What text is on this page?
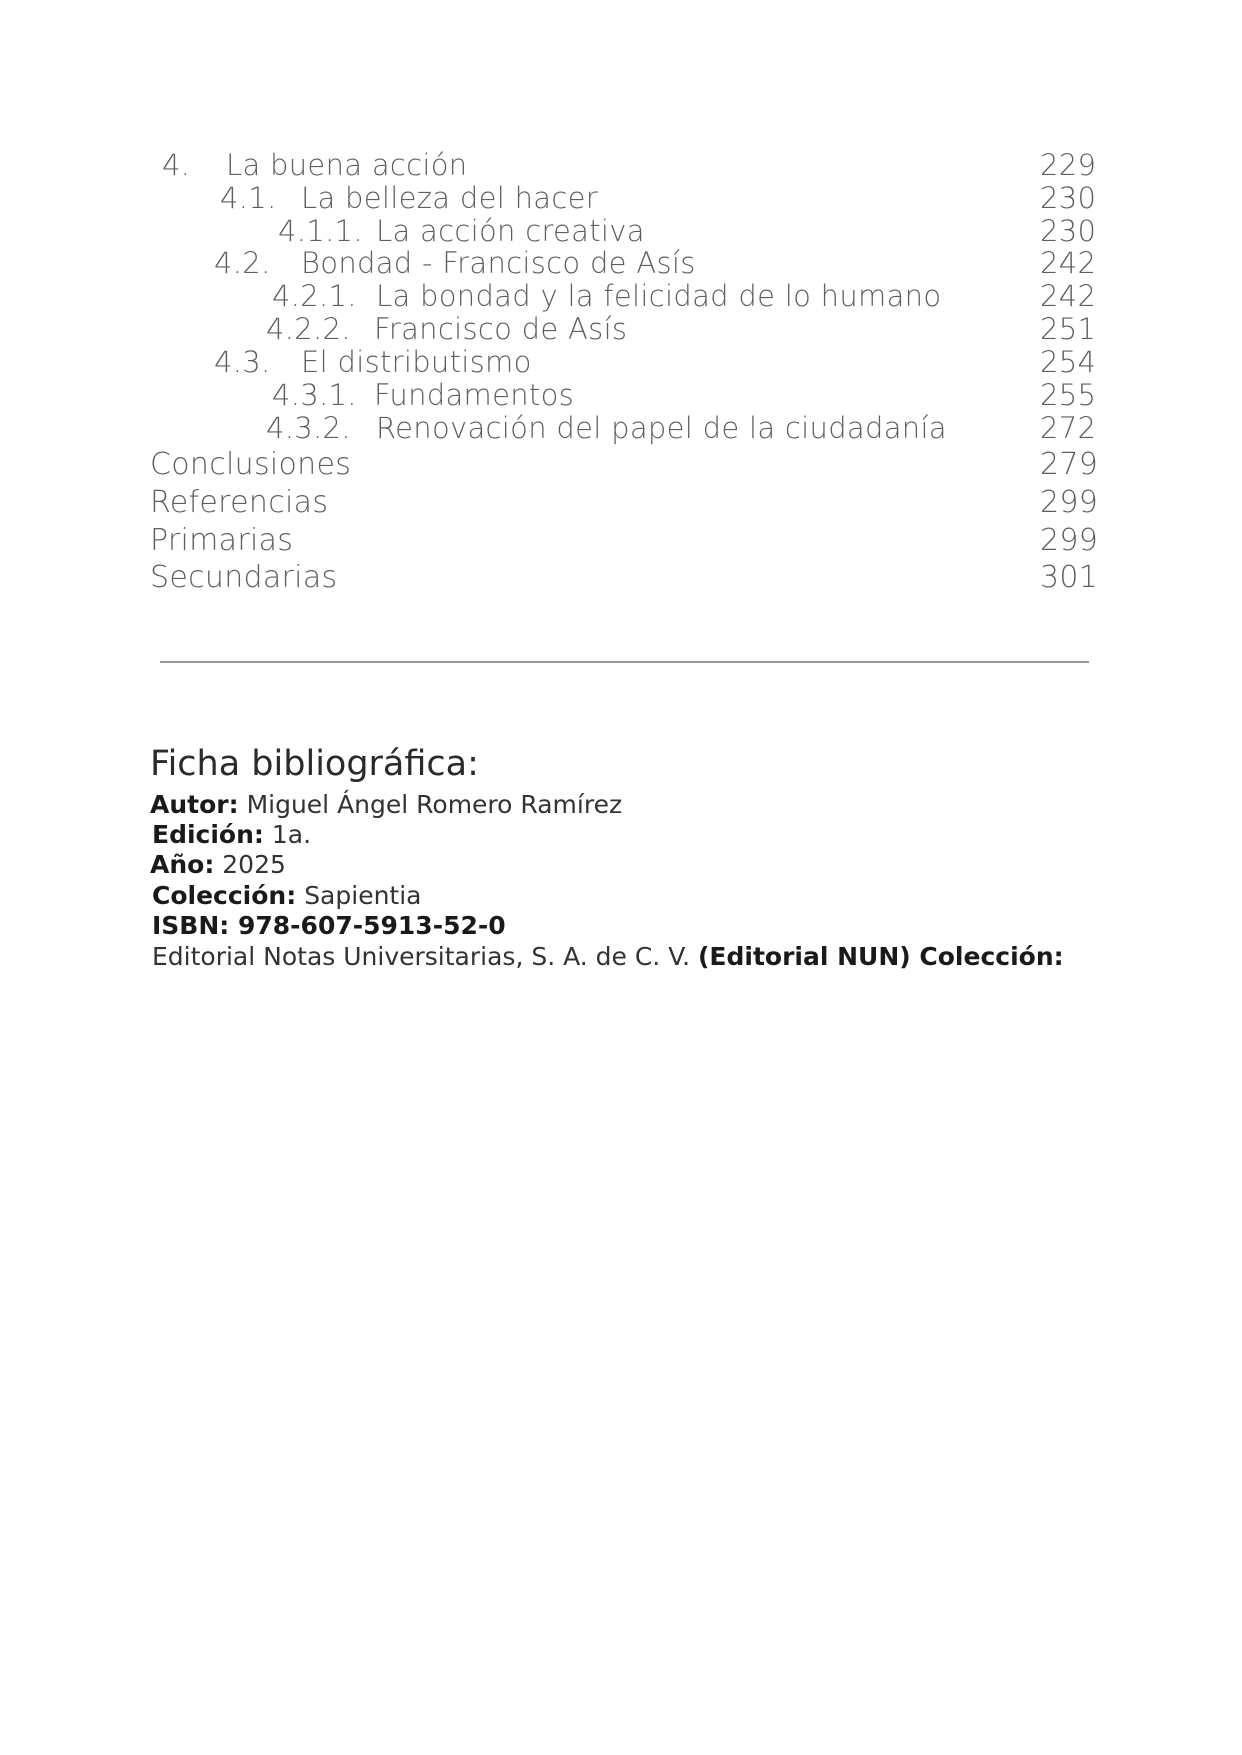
4. La buena acción	229
4.1. La belleza del hacer	230
4.1.1. La acción creativa	230
4.2. Bondad - Francisco de Asís	242
4.2.1. La bondad y la felicidad de lo humano	242
4.2.2. Francisco de Asís	251
4.3. El distributismo	254
4.3.1. Fundamentos	255
4.3.2. Renovación del papel de la ciudadanía	272
Conclusiones	279
Referencias	299
Primarias	299
Secundarias	301
Ficha bibliográfica:
Autor: Miguel Ángel Romero Ramírez
Edición: 1a.
Año: 2025
Colección: Sapientia
ISBN: 978-607-5913-52-0
Editorial Notas Universitarias, S. A. de C. V. (Editorial NUN) Colección:
